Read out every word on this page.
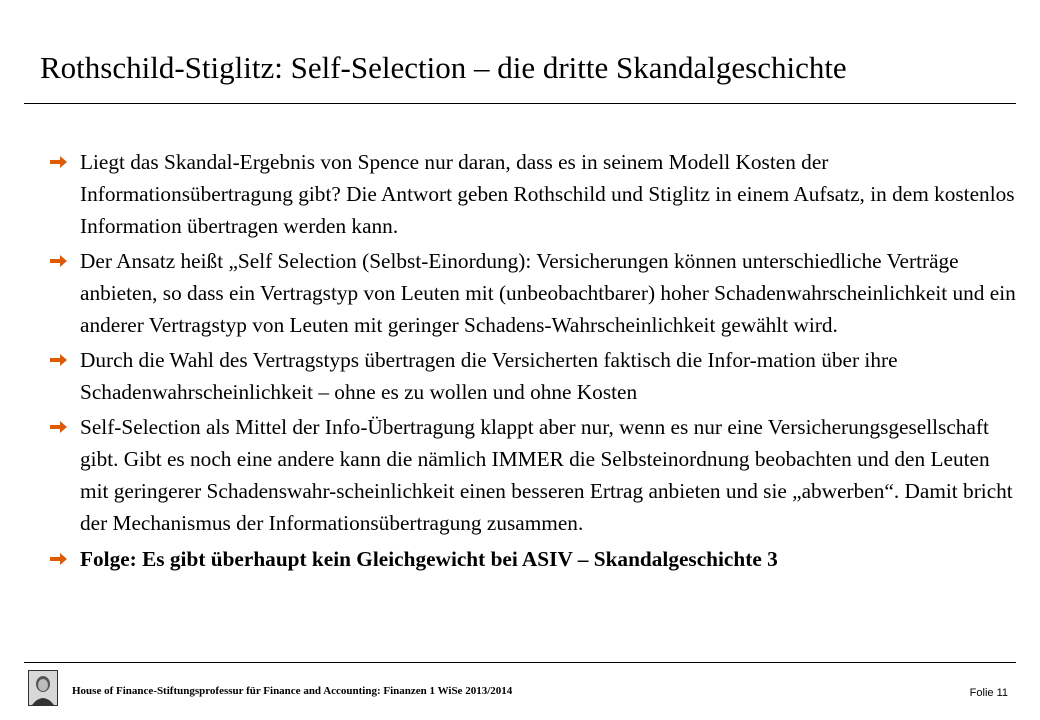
Rothschild-Stiglitz: Self-Selection – die dritte Skandalgeschichte
Liegt das Skandal-Ergebnis von Spence nur daran, dass es in seinem Modell Kosten der Informationsübertragung gibt? Die Antwort geben Rothschild und Stiglitz in einem Aufsatz, in dem kostenlos Information übertragen werden kann.
Der Ansatz heißt „Self Selection (Selbst-Einordung): Versicherungen können unterschiedliche Verträge anbieten, so dass ein Vertragstyp von Leuten mit (unbeobachtbarer) hoher Schadenwahrscheinlichkeit und ein anderer Vertragstyp von Leuten mit geringer Schadens-Wahrscheinlichkeit gewählt wird.
Durch die Wahl des Vertragstyps übertragen die Versicherten faktisch die Infor-mation über ihre Schadenwahrscheinlichkeit – ohne es zu wollen und ohne Kosten
Self-Selection als Mittel der Info-Übertragung klappt aber nur, wenn es nur eine Versicherungsgesellschaft gibt. Gibt es noch eine andere kann die nämlich IMMER die Selbsteinordnung beobachten und den Leuten mit geringerer Schadenswahr-scheinlichkeit einen besseren Ertrag anbieten und sie „abwerben“. Damit bricht der Mechanismus der Informationsübertragung zusammen.
Folge: Es gibt überhaupt kein Gleichgewicht bei ASIV – Skandalgeschichte 3
House of Finance-Stiftungsprofessur für Finance and Accounting: Finanzen 1 WiSe 2013/2014	Folie 11
